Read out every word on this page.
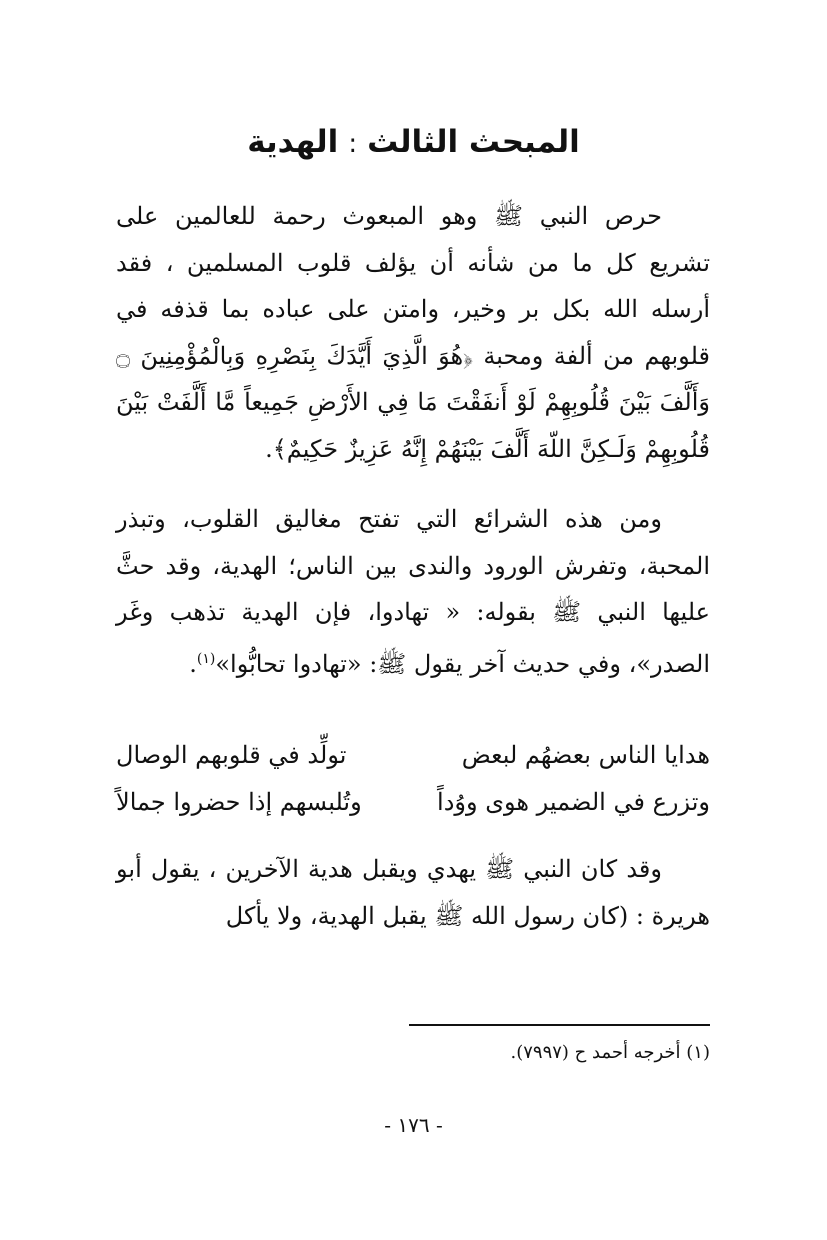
المبحث الثالث:الهدية

حرص النبي ﷺ وهو المبعوث رحمة للعالمين على تشريع كل ما من شأنه أن يؤلف قلوب المسلمين ، فقد أرسله الله بكل بر وخير، وامتن على عباده بما قذفه في قلوبهم من ألفة ومحبة ﴿هُوَ الَّذِيَ أَيَّدَكَ بِنَصْرِهِ وَبِالْمُؤْمِنِينَ ۝ وَأَلَّفَ بَيْنَ قُلُوبِهِمْ لَوْ أَنفَقْتَ مَا فِي الأَرْضِ جَمِيعاً مَّا أَلَّفَتْ بَيْنَ قُلُوبِهِمْ وَلَـكِنَّ اللّهَ أَلَّفَ بَيْنَهُمْ إِنَّهُ عَزِيزٌ حَكِيمٌ﴾.

ومن هذه الشرائع التي تفتح مغاليق القلوب، وتبذر المحبة، وتفرش الورود والندى بين الناس؛ الهدية، وقد حثَّ عليها النبي ﷺ بقوله: « تهادوا، فإن الهدية تذهب وغَر الصدر»، وفي حديث آخر يقول ﷺ: «تهادوا تحابُّوا»$^{(١)}$.

هدايا الناس بعضهُم لبعض
تولِّد في قلوبهم الوصال
وتزرع في الضمير هوى ووُداً
وتُلبسهم إذا حضروا جمالاً

وقد كان النبي ﷺ يهدي ويقبل هدية الآخرين ، يقول أبو هريرة : (كان رسول الله ﷺ يقبل الهدية، ولا يأكل

(١) أخرجه أحمد ح (٧٩٩٧).
- ١٧٦ -
